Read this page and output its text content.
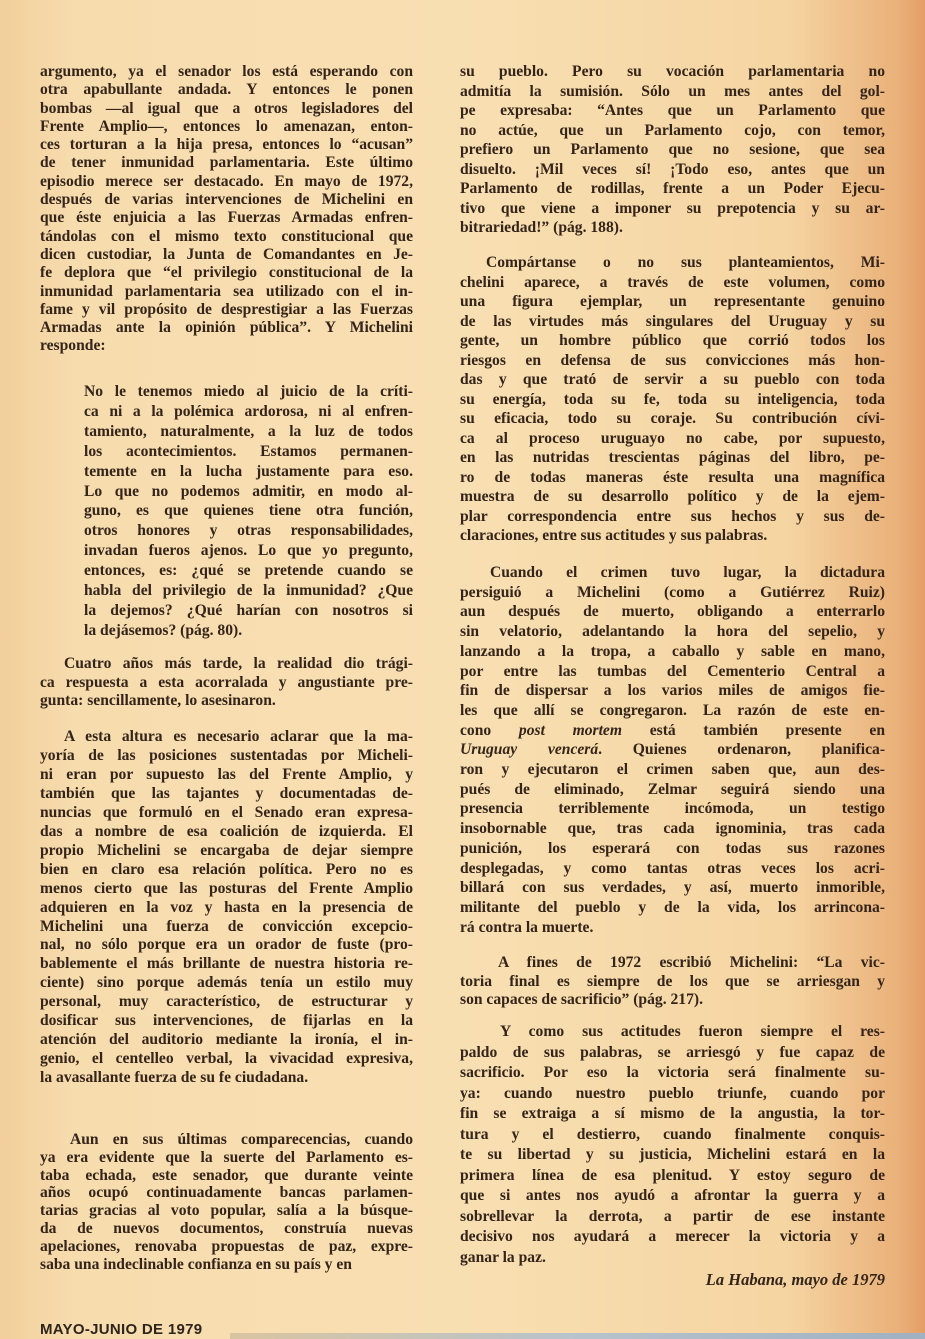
argumento, ya el senador los está esperando con
otra apabullante andada. Y entonces le ponen
bombas —al igual que a otros legisladores del
Frente Amplio—, entonces lo amenazan, enton-
ces torturan a la hija presa, entonces lo “acusan”
de tener inmunidad parlamentaria. Este último
episodio merece ser destacado. En mayo de 1972,
después de varias intervenciones de Michelini en
que éste enjuicia a las Fuerzas Armadas enfren-
tándolas con el mismo texto constitucional que
dicen custodiar, la Junta de Comandantes en Je-
fe deplora que “el privilegio constitucional de la
inmunidad parlamentaria sea utilizado con el in-
fame y vil propósito de desprestigiar a las Fuerzas
Armadas ante la opinión pública”. Y Michelini
responde:
No le tenemos miedo al juicio de la críti-
ca ni a la polémica ardorosa, ni al enfren-
tamiento, naturalmente, a la luz de todos
los acontecimientos. Estamos permanen-
temente en la lucha justamente para eso.
Lo que no podemos admitir, en modo al-
guno, es que quienes tiene otra función,
otros honores y otras responsabilidades,
invadan fueros ajenos. Lo que yo pregunto,
entonces, es: ¿qué se pretende cuando se
habla del privilegio de la inmunidad? ¿Que
la dejemos? ¿Qué harían con nosotros si
la dejásemos? (pág. 80).
Cuatro años más tarde, la realidad dio trági-
ca respuesta a esta acorralada y angustiante pre-
gunta: sencillamente, lo asesinaron.
A esta altura es necesario aclarar que la ma-
yoría de las posiciones sustentadas por Micheli-
ni eran por supuesto las del Frente Amplio, y
también que las tajantes y documentadas de-
nuncias que formuló en el Senado eran expresa-
das a nombre de esa coalición de izquierda. El
propio Michelini se encargaba de dejar siempre
bien en claro esa relación política. Pero no es
menos cierto que las posturas del Frente Amplio
adquieren en la voz y hasta en la presencia de
Michelini una fuerza de convicción excepcio-
nal, no sólo porque era un orador de fuste (pro-
bablemente el más brillante de nuestra historia re-
ciente) sino porque además tenía un estilo muy
personal, muy característico, de estructurar y
dosificar sus intervenciones, de fijarlas en la
atención del auditorio mediante la ironía, el in-
genio, el centelleo verbal, la vivacidad expresiva,
la avasallante fuerza de su fe ciudadana.
Aun en sus últimas comparecencias, cuando
ya era evidente que la suerte del Parlamento es-
taba echada, este senador, que durante veinte
años ocupó continuadamente bancas parlamen-
tarias gracias al voto popular, salía a la búsque-
da de nuevos documentos, construía nuevas
apelaciones, renovaba propuestas de paz, expre-
saba una indeclinable confianza en su país y en
su pueblo. Pero su vocación parlamentaria no
admitía la sumisión. Sólo un mes antes del gol-
pe expresaba: “Antes que un Parlamento que
no actúe, que un Parlamento cojo, con temor,
prefiero un Parlamento que no sesione, que sea
disuelto. ¡Mil veces sí! ¡Todo eso, antes que un
Parlamento de rodillas, frente a un Poder Ejecu-
tivo que viene a imponer su prepotencia y su ar-
bitrariedad!” (pág. 188).
Compártanse o no sus planteamientos, Mi-
chelini aparece, a través de este volumen, como
una figura ejemplar, un representante genuino
de las virtudes más singulares del Uruguay y su
gente, un hombre público que corrió todos los
riesgos en defensa de sus convicciones más hon-
das y que trató de servir a su pueblo con toda
su energía, toda su fe, toda su inteligencia, toda
su eficacia, todo su coraje. Su contribución cívi-
ca al proceso uruguayo no cabe, por supuesto,
en las nutridas trescientas páginas del libro, pe-
ro de todas maneras éste resulta una magnífica
muestra de su desarrollo político y de la ejem-
plar correspondencia entre sus hechos y sus de-
claraciones, entre sus actitudes y sus palabras.
Cuando el crimen tuvo lugar, la dictadura
persiguió a Michelini (como a Gutiérrez Ruiz)
aun después de muerto, obligando a enterrarlo
sin velatorio, adelantando la hora del sepelio, y
lanzando a la tropa, a caballo y sable en mano,
por entre las tumbas del Cementerio Central a
fin de dispersar a los varios miles de amigos fie-
les que allí se congregaron. La razón de este en-
cono post mortem está también presente en
Uruguay vencerá. Quienes ordenaron, planifica-
ron y ejecutaron el crimen saben que, aun des-
pués de eliminado, Zelmar seguirá siendo una
presencia terriblemente incómoda, un testigo
insobornable que, tras cada ignominia, tras cada
punición, los esperará con todas sus razones
desplegadas, y como tantas otras veces los acri-
billará con sus verdades, y así, muerto inmorible,
militante del pueblo y de la vida, los arrincona-
rá contra la muerte.
A fines de 1972 escribió Michelini: “La vic-
toria final es siempre de los que se arriesgan y
son capaces de sacrificio” (pág. 217).
Y como sus actitudes fueron siempre el res-
paldo de sus palabras, se arriesgó y fue capaz de
sacrificio. Por eso la victoria será finalmente su-
ya: cuando nuestro pueblo triunfe, cuando por
fin se extraiga a sí mismo de la angustia, la tor-
tura y el destierro, cuando finalmente conquis-
te su libertad y su justicia, Michelini estará en la
primera línea de esa plenitud. Y estoy seguro de
que si antes nos ayudó a afrontar la guerra y a
sobrellevar la derrota, a partir de ese instante
decisivo nos ayudará a merecer la victoria y a
ganar la paz.
La Habana, mayo de 1979
MAYO-JUNIO DE 1979
